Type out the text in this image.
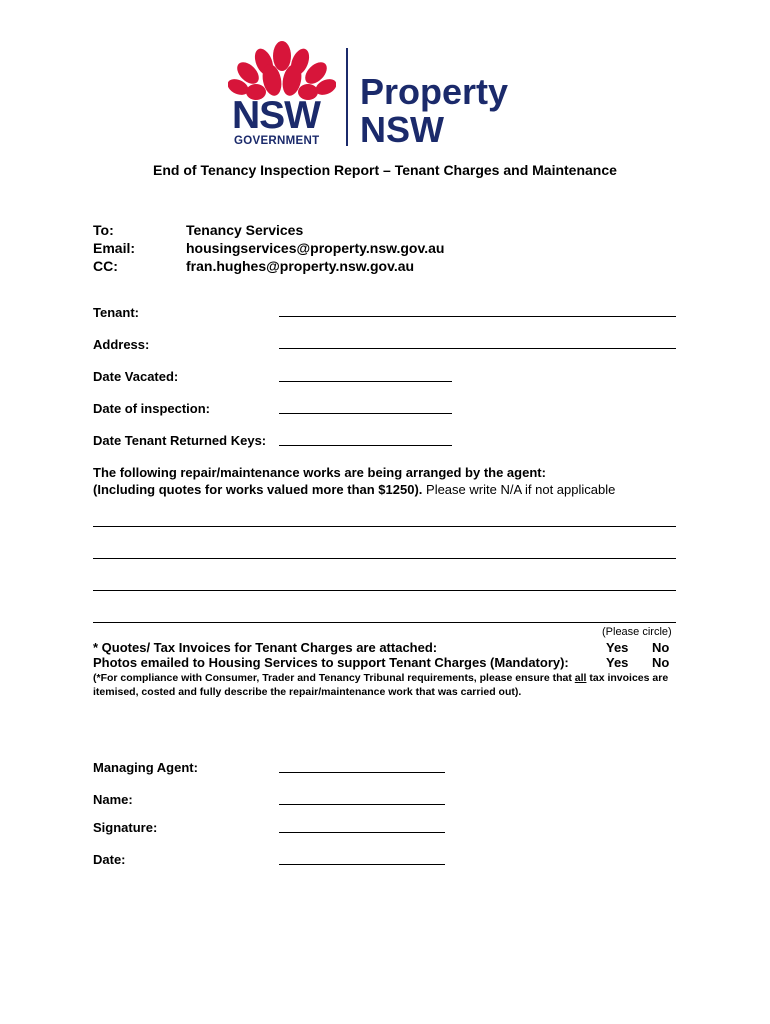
NSW
GOVERNMENT
Property
NSW
End of Tenancy Inspection Report – Tenant Charges and Maintenance
To:	Tenancy Services
Email:	housingservices@property.nsw.gov.au
CC:	fran.hughes@property.nsw.gov.au
Tenant:
Address:
Date Vacated:
Date of inspection:
Date Tenant Returned Keys:
The following repair/maintenance works are being arranged by the agent:
(Including quotes for works valued more than $1250). Please write N/A if not applicable
(Please circle)
* Quotes/ Tax Invoices for Tenant Charges are attached:	Yes No
Photos emailed to Housing Services to support Tenant Charges (Mandatory):	Yes No
(*For compliance with Consumer, Trader and Tenancy Tribunal requirements, please ensure that all tax invoices are itemised, costed and fully describe the repair/maintenance work that was carried out).
Managing Agent:
Name:
Signature:
Date:
